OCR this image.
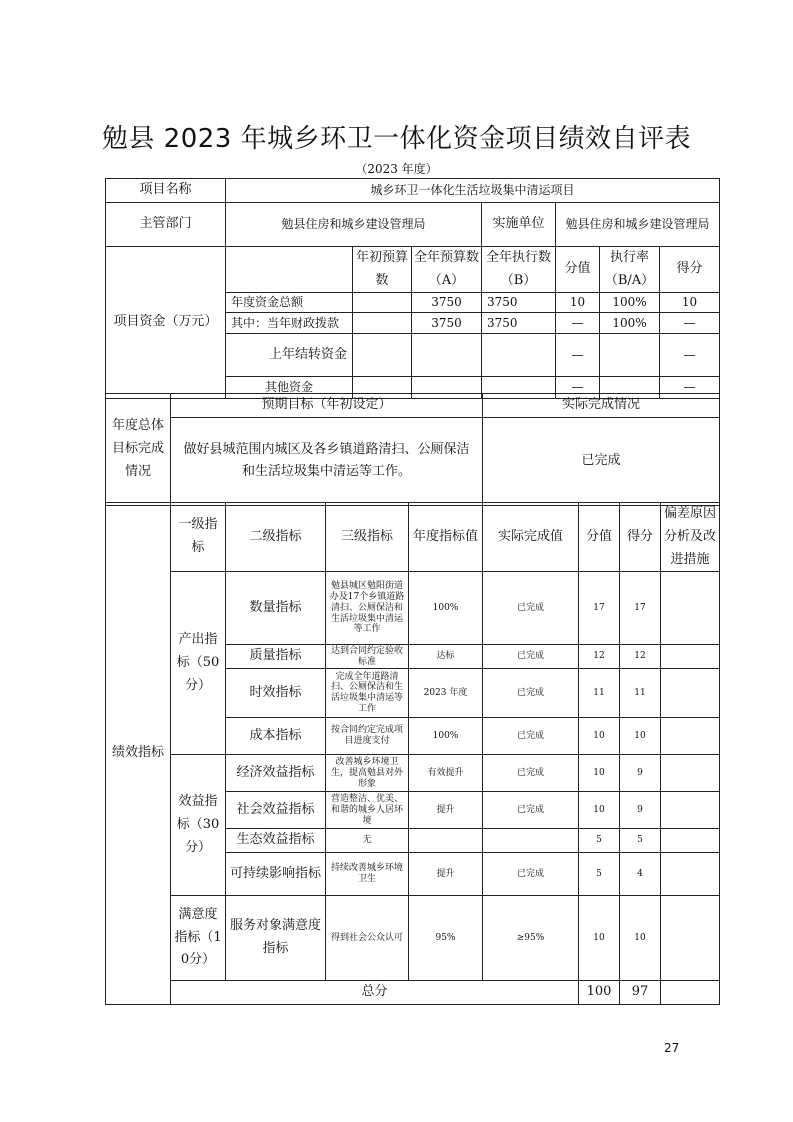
勉县 2023 年城乡环卫一体化资金项目绩效自评表
（2023 年度）
项目名称	城乡环卫一体化生活垃圾集中清运项目						
主管部门	勉县住房和城乡建设管理局			实施单位	勉县住房和城乡建设管理局		
项目资金（万元）		年初预算数	全年预算数（A）	全年执行数（B）	分值	执行率（B/A）	得分
	年度资金总额		3750	3750	10	100%	10
	其中：当年财政拨款		3750	3750	—	100%	—
	上年结转资金				—		—
	其他资金				—		—
年度总体目标完成情况	预期目标（年初设定）	实际完成情况
	做好县城范围内城区及各乡镇道路清扫、公厕保洁和生活垃圾集中清运等工作。	已完成
绩效指标	一级指标	二级指标	三级指标	年度指标值	实际完成值	分值	得分	偏差原因分析及改进措施
	产出指标（50分）	数量指标	勉县城区勉阳街道办及17个乡镇道路清扫、公厕保洁和生活垃圾集中清运等工作	100%	已完成	17	17	
		质量指标	达到合同约定验收标准	达标	已完成	12	12	
		时效指标	完成全年道路清扫、公厕保洁和生活垃圾集中清运等工作	2023 年度	已完成	11	11	
		成本指标	按合同约定完成项目进度支付	100%	已完成	10	10	
	效益指标（30分）	经济效益指标	改善城乡环境卫生，提高勉县对外形象	有效提升	已完成	10	9	
		社会效益指标	营造整洁、优美、和谐的城乡人居环境	提升	已完成	10	9	
		生态效益指标	无			5	5	
		可持续影响指标	持续改善城乡环境卫生	提升	已完成	5	4	
	满意度指标（10分）	服务对象满意度指标	得到社会公众认可	95%	≥95%	10	10	
	总分					100	97	
27
